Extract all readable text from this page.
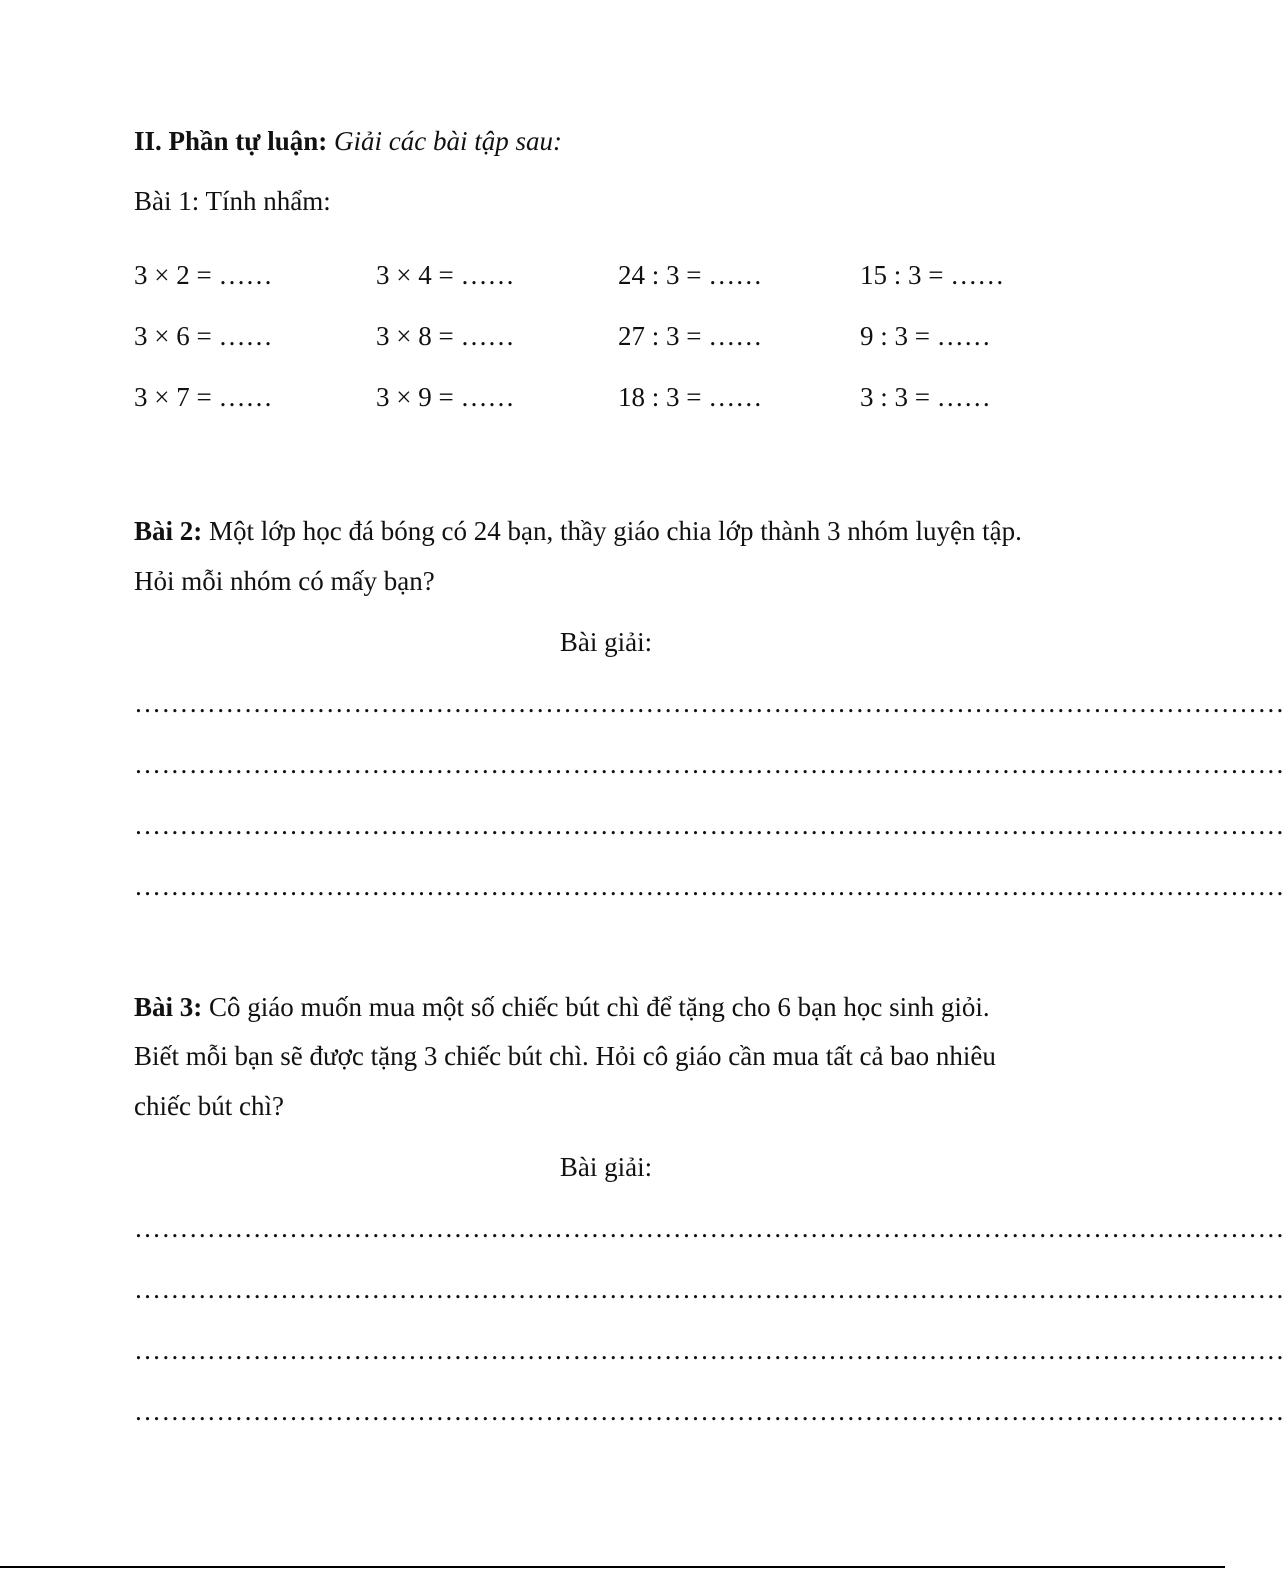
II. Phần tự luận: Giải các bài tập sau:
Bài 1: Tính nhẩm:
3 × 2 = ……	3 × 4 = ……	24 : 3 = ……	15 : 3 = ……
3 × 6 = ……	3 × 8 = ……	27 : 3 = ……	9 : 3 = ……
3 × 7 = ……	3 × 9 = ……	18 : 3 = ……	3 : 3 = ……
Bài 2: Một lớp học đá bóng có 24 bạn, thầy giáo chia lớp thành 3 nhóm luyện tập.
Hỏi mỗi nhóm có mấy bạn?
Bài giải:
………………………………………………………………………………………………………………
………………………………………………………………………………………………………………
………………………………………………………………………………………………………………
………………………………………………………………………………………………………………
Bài 3: Cô giáo muốn mua một số chiếc bút chì để tặng cho 6 bạn học sinh giỏi.
Biết mỗi bạn sẽ được tặng 3 chiếc bút chì. Hỏi cô giáo cần mua tất cả bao nhiêu
chiếc bút chì?
Bài giải:
………………………………………………………………………………………………………………
………………………………………………………………………………………………………………
………………………………………………………………………………………………………………
………………………………………………………………………………………………………………
